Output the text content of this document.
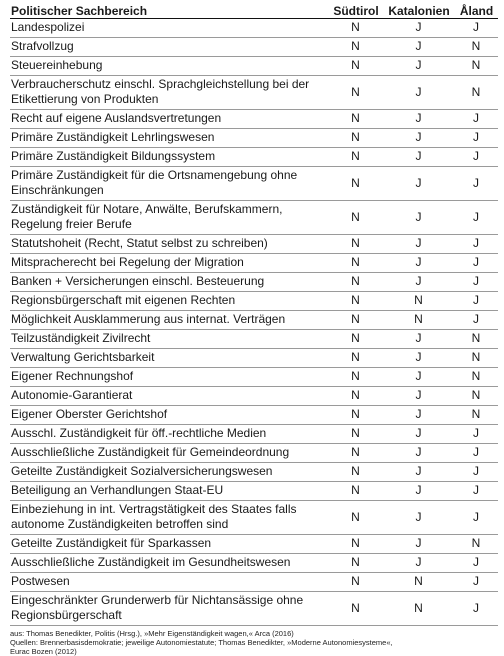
Politischer Sachbereich	Südtirol	Katalonien	Åland
Landespolizei	N	J	J
Strafvollzug	N	J	N
Steuereinhebung	N	J	N
Verbraucherschutz einschl. Sprachgleichstellung bei der Etikettierung von Produkten	N	J	N
Recht auf eigene Auslandsvertretungen	N	J	J
Primäre Zuständigkeit Lehrlingswesen	N	J	J
Primäre Zuständigkeit Bildungssystem	N	J	J
Primäre Zuständigkeit für die Ortsnamengebung ohne Einschränkungen	N	J	J
Zuständigkeit für Notare, Anwälte, Berufskammern, Regelung freier Berufe	N	J	J
Statutshoheit (Recht, Statut selbst zu schreiben)	N	J	J
Mitspracherecht bei Regelung der Migration	N	J	J
Banken + Versicherungen einschl. Besteuerung	N	J	J
Regionsbürgerschaft mit eigenen Rechten	N	N	J
Möglichkeit Ausklammerung aus internat. Verträgen	N	N	J
Teilzuständigkeit Zivilrecht	N	J	N
Verwaltung Gerichtsbarkeit	N	J	N
Eigener Rechnungshof	N	J	N
Autonomie-Garantierat	N	J	N
Eigener Oberster Gerichtshof	N	J	N
Ausschl. Zuständigkeit für öff.-rechtliche Medien	N	J	J
Ausschließliche Zuständigkeit für Gemeindeordnung	N	J	J
Geteilte Zuständigkeit Sozialversicherungswesen	N	J	J
Beteiligung an Verhandlungen Staat-EU	N	J	J
Einbeziehung in int. Vertragstätigkeit des Staates falls autonome Zuständigkeiten betroffen sind	N	J	J
Geteilte Zuständigkeit für Sparkassen	N	J	N
Ausschließliche Zuständigkeit im Gesundheitswesen	N	J	J
Postwesen	N	N	J
Eingeschränkter Grunderwerb für Nichtansässige ohne Regionsbürgerschaft	N	N	J
aus: Thomas Benedikter, Politis (Hrsg.), »Mehr Eigenständigkeit wagen,« Arca (2016)
Quellen: Brennerbasisdemokratie; jeweilige Autonomiestatute; Thomas Benedikter, »Moderne Autonomiesysteme«,
Eurac Bozen (2012)
